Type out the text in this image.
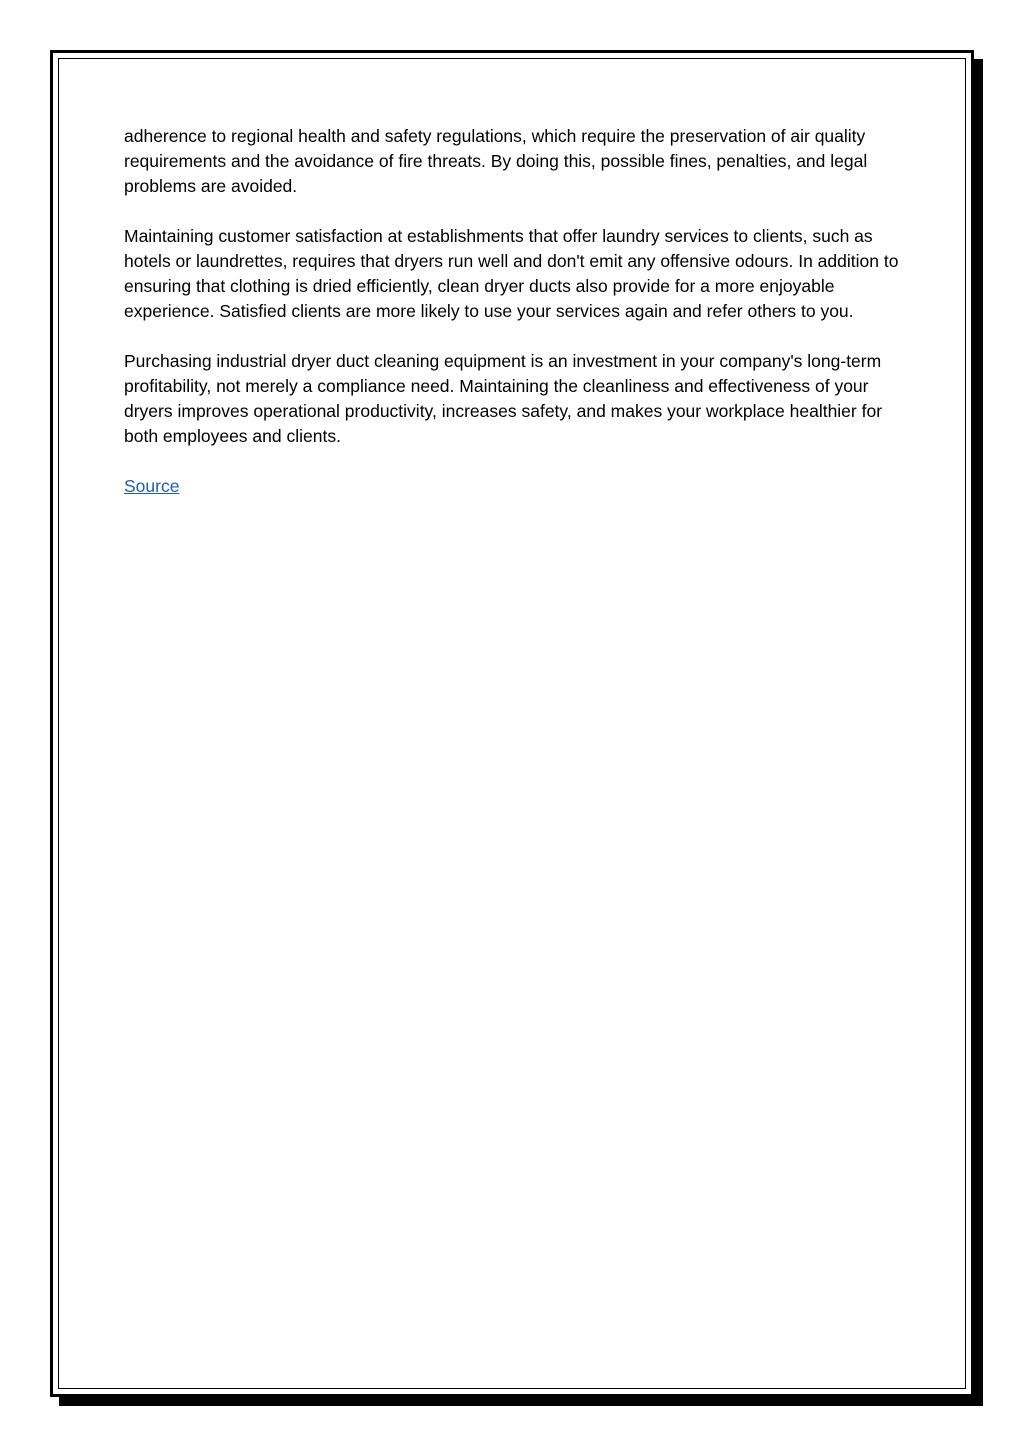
adherence to regional health and safety regulations, which require the preservation of air quality requirements and the avoidance of fire threats. By doing this, possible fines, penalties, and legal problems are avoided.

Maintaining customer satisfaction at establishments that offer laundry services to clients, such as hotels or laundrettes, requires that dryers run well and don't emit any offensive odours. In addition to ensuring that clothing is dried efficiently, clean dryer ducts also provide for a more enjoyable experience. Satisfied clients are more likely to use your services again and refer others to you.

Purchasing industrial dryer duct cleaning equipment is an investment in your company's long-term profitability, not merely a compliance need. Maintaining the cleanliness and effectiveness of your dryers improves operational productivity, increases safety, and makes your workplace healthier for both employees and clients.

Source
